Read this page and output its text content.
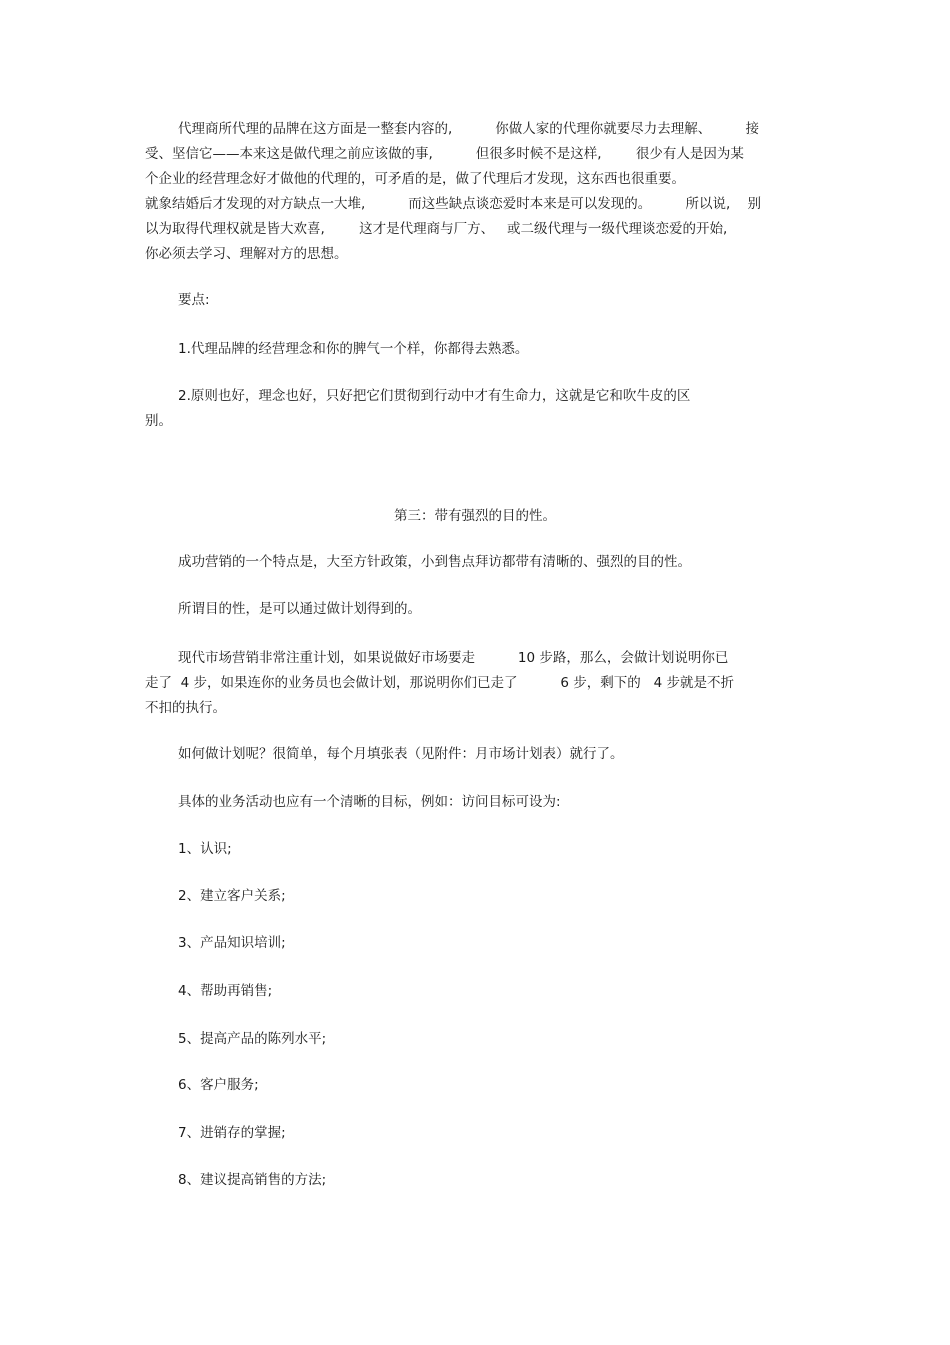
代理商所代理的品牌在这方面是一整套内容的,          你做人家的代理你就要尽力去理解、        接
受、坚信它——本来这是做代理之前应该做的事,          但很多时候不是这样,        很少有人是因为某
个企业的经营理念好才做他的代理的，可矛盾的是，做了代理后才发现，这东西也很重要。
就象结婚后才发现的对方缺点一大堆,          而这些缺点谈恋爱时本来是可以发现的。        所以说,    别
以为取得代理权就是皆大欢喜,        这才是代理商与厂方、   或二级代理与一级代理谈恋爱的开始,
你必须去学习、理解对方的思想。
要点:
1.代理品牌的经营理念和你的脾气一个样，你都得去熟悉。
2.原则也好，理念也好，只好把它们贯彻到行动中才有生命力，这就是它和吹牛皮的区
别。
第三：带有强烈的目的性。
成功营销的一个特点是，大至方针政策，小到售点拜访都带有清晰的、强烈的目的性。
所谓目的性，是可以通过做计划得到的。
现代市场营销非常注重计划，如果说做好市场要走          10 步路，那么，会做计划说明你已
走了  4 步，如果连你的业务员也会做计划，那说明你们已走了          6 步，剩下的   4 步就是不折
不扣的执行。
如何做计划呢？很简单，每个月填张表（见附件：月市场计划表）就行了。
具体的业务活动也应有一个清晰的目标，例如：访问目标可设为:
1、认识;
2、建立客户关系;
3、产品知识培训;
4、帮助再销售;
5、提高产品的陈列水平;
6、客户服务;
7、进销存的掌握;
8、建议提高销售的方法;
